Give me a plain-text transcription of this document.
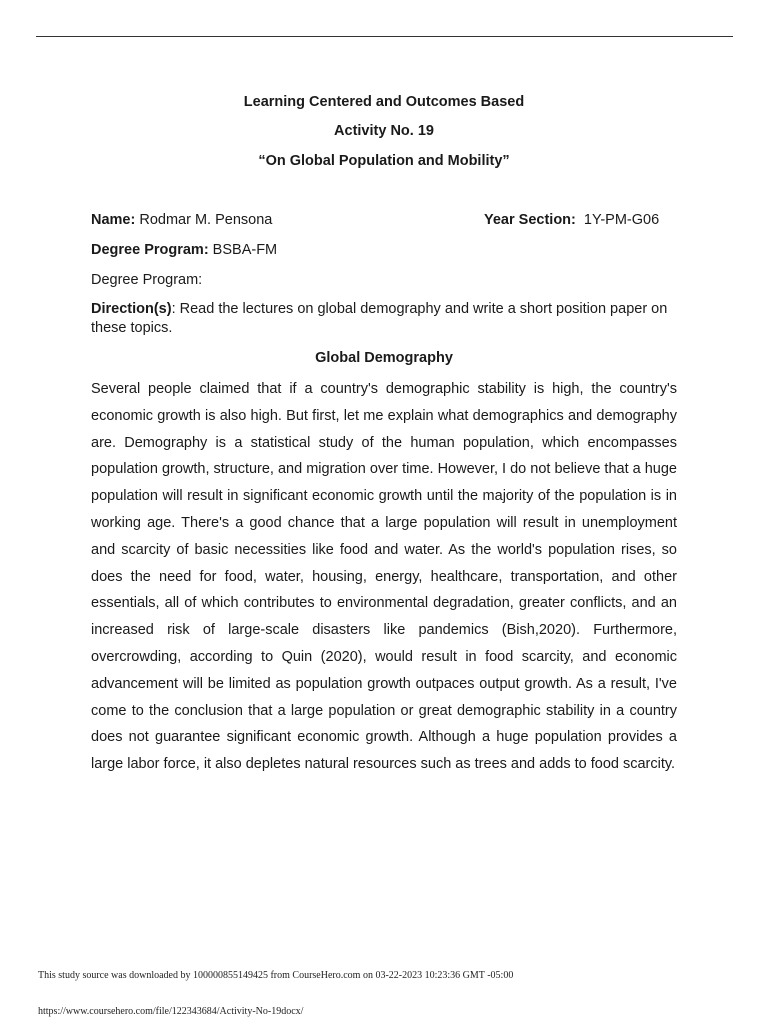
Learning Centered and Outcomes Based
Activity No. 19
“On Global Population and Mobility”
Name: Rodmar M. Pensona	Year Section:  1Y-PM-G06
Degree Program: BSBA-FM
Degree Program:
Direction(s): Read the lectures on global demography and write a short position paper on these topics.
Global Demography

Several people claimed that if a country's demographic stability is high, the country's economic growth is also high. But first, let me explain what demographics and demography are. Demography is a statistical study of the human population, which encompasses population growth, structure, and migration over time. However, I do not believe that a huge population will result in significant economic growth until the majority of the population is in working age. There's a good chance that a large population will result in unemployment and scarcity of basic necessities like food and water. As the world's population rises, so does the need for food, water, housing, energy, healthcare, transportation, and other essentials, all of which contributes to environmental degradation, greater conflicts, and an increased risk of large-scale disasters like pandemics (Bish,2020). Furthermore, overcrowding, according to Quin (2020), would result in food scarcity, and economic advancement will be limited as population growth outpaces output growth. As a result, I've come to the conclusion that a large population or great demographic stability in a country does not guarantee significant economic growth. Although a huge population provides a large labor force, it also depletes natural resources such as trees and adds to food scarcity.

This study source was downloaded by 100000855149425 from CourseHero.com on 03-22-2023 10:23:36 GMT -05:00
https://www.coursehero.com/file/122343684/Activity-No-19docx/
